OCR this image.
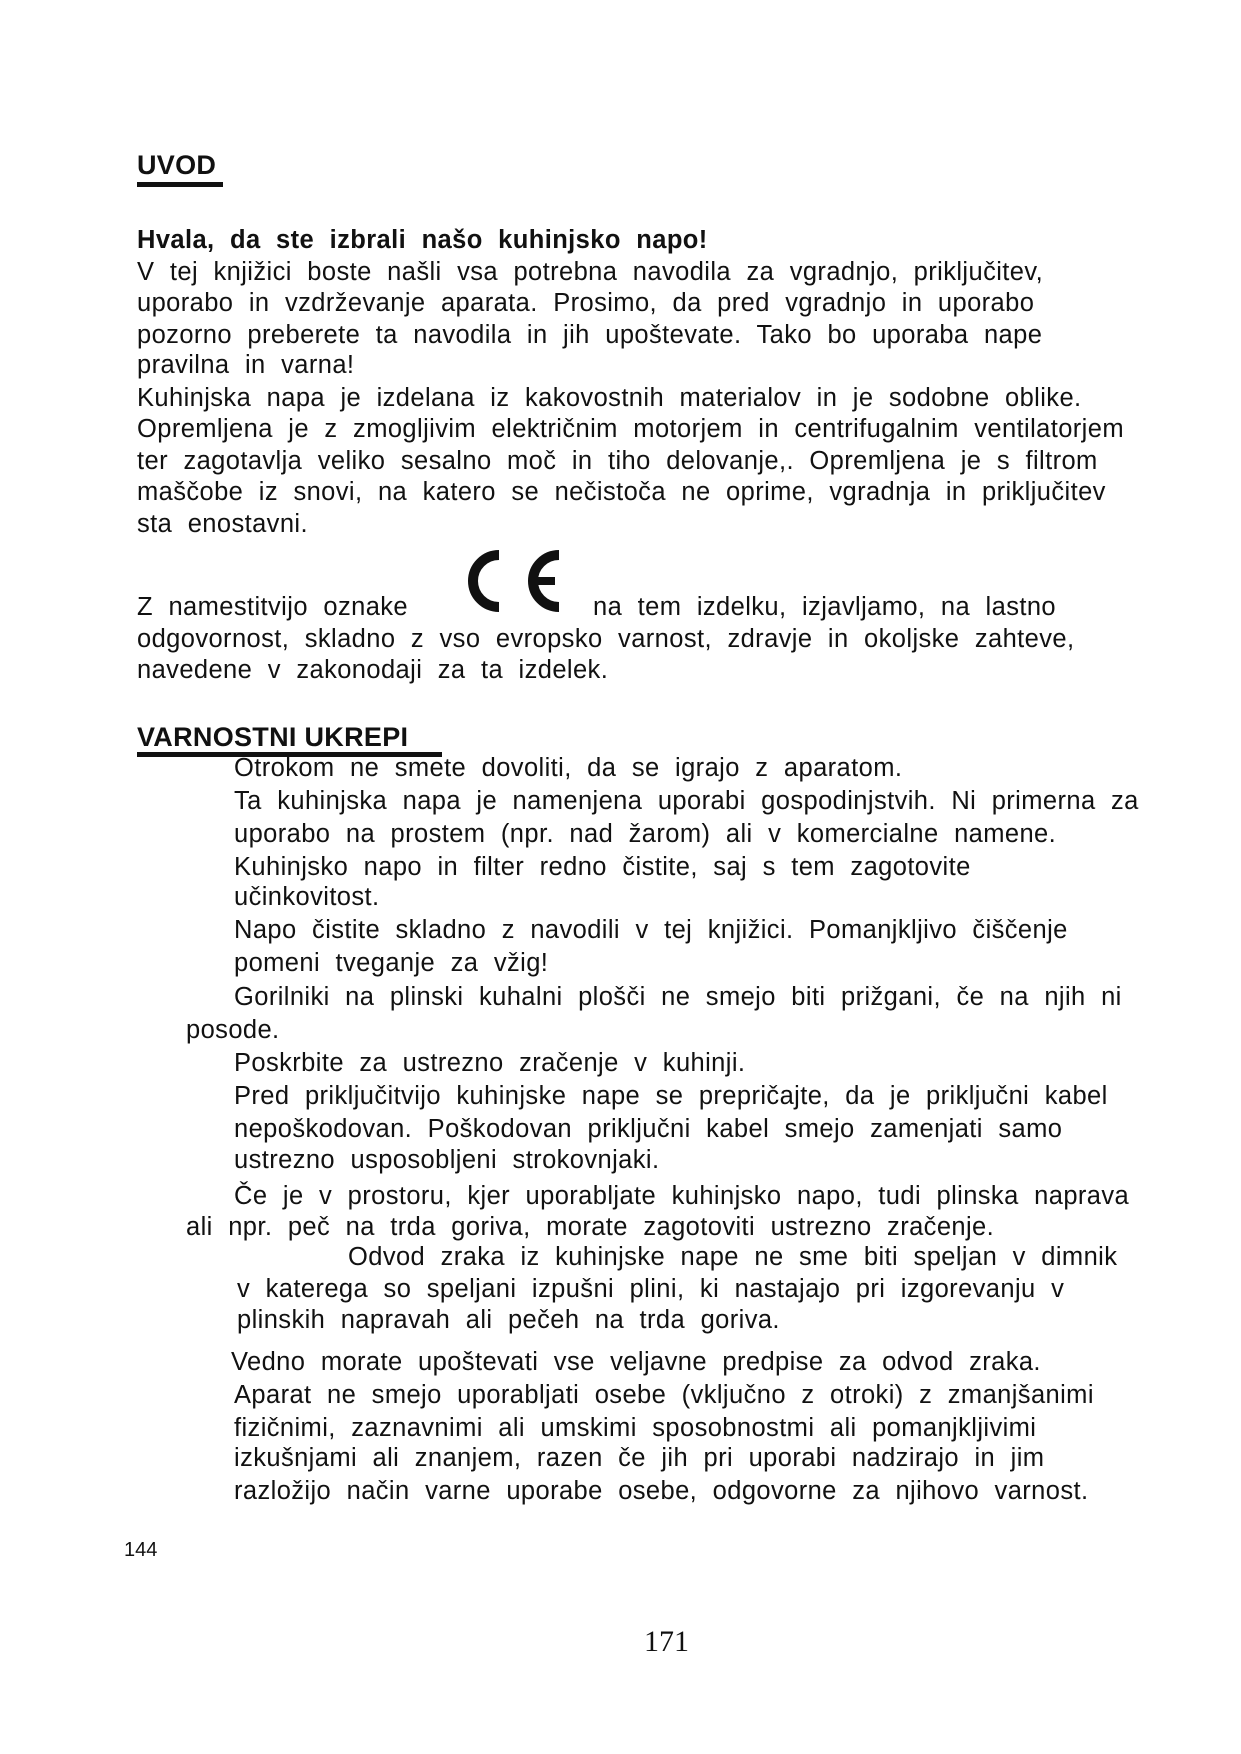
UVOD
Hvala, da ste izbrali našo kuhinjsko napo!
V tej knjižici boste našli vsa potrebna navodila za vgradnjo, priključitev,
uporabo in vzdrževanje aparata. Prosimo, da pred vgradnjo in uporabo
pozorno preberete ta navodila in jih upoštevate. Tako bo uporaba nape
pravilna in varna!
Kuhinjska napa je izdelana iz kakovostnih materialov in je sodobne oblike.
Opremljena je z zmogljivim električnim motorjem in centrifugalnim ventilatorjem
ter zagotavlja veliko sesalno moč in tiho delovanje,. Opremljena je s filtrom
maščobe iz snovi, na katero se nečistoča ne oprime, vgradnja in priključitev
sta enostavni.
Z namestitvijo oznake	na tem izdelku, izjavljamo, na lastno
odgovornost, skladno z vso evropsko varnost, zdravje in okoljske zahteve,
navedene v zakonodaji za ta izdelek.
VARNOSTNI UKREPI
Otrokom ne smete dovoliti, da se igrajo z aparatom.
Ta kuhinjska napa je namenjena uporabi gospodinjstvih. Ni primerna za
uporabo na prostem (npr. nad žarom) ali v komercialne namene.
Kuhinjsko napo in filter redno čistite, saj s tem zagotovite
učinkovitost.
Napo čistite skladno z navodili v tej knjižici. Pomanjkljivo čiščenje
pomeni tveganje za vžig!
Gorilniki na plinski kuhalni plošči ne smejo biti prižgani, če na njih ni
posode.
Poskrbite za ustrezno zračenje v kuhinji.
Pred priključitvijo kuhinjske nape se prepričajte, da je priključni kabel
nepoškodovan. Poškodovan priključni kabel smejo zamenjati samo
ustrezno usposobljeni strokovnjaki.
Če je v prostoru, kjer uporabljate kuhinjsko napo, tudi plinska naprava
ali npr. peč na trda goriva, morate zagotoviti ustrezno zračenje.
Odvod zraka iz kuhinjske nape ne sme biti speljan v dimnik
v katerega so speljani izpušni plini, ki nastajajo pri izgorevanju v
plinskih napravah ali pečeh na trda goriva.
Vedno morate upoštevati vse veljavne predpise za odvod zraka.
Aparat ne smejo uporabljati osebe (vključno z otroki) z zmanjšanimi
fizičnimi, zaznavnimi ali umskimi sposobnostmi ali pomanjkljivimi
izkušnjami ali znanjem, razen če jih pri uporabi nadzirajo in jim
razložijo način varne uporabe osebe, odgovorne za njihovo varnost.
144
171
